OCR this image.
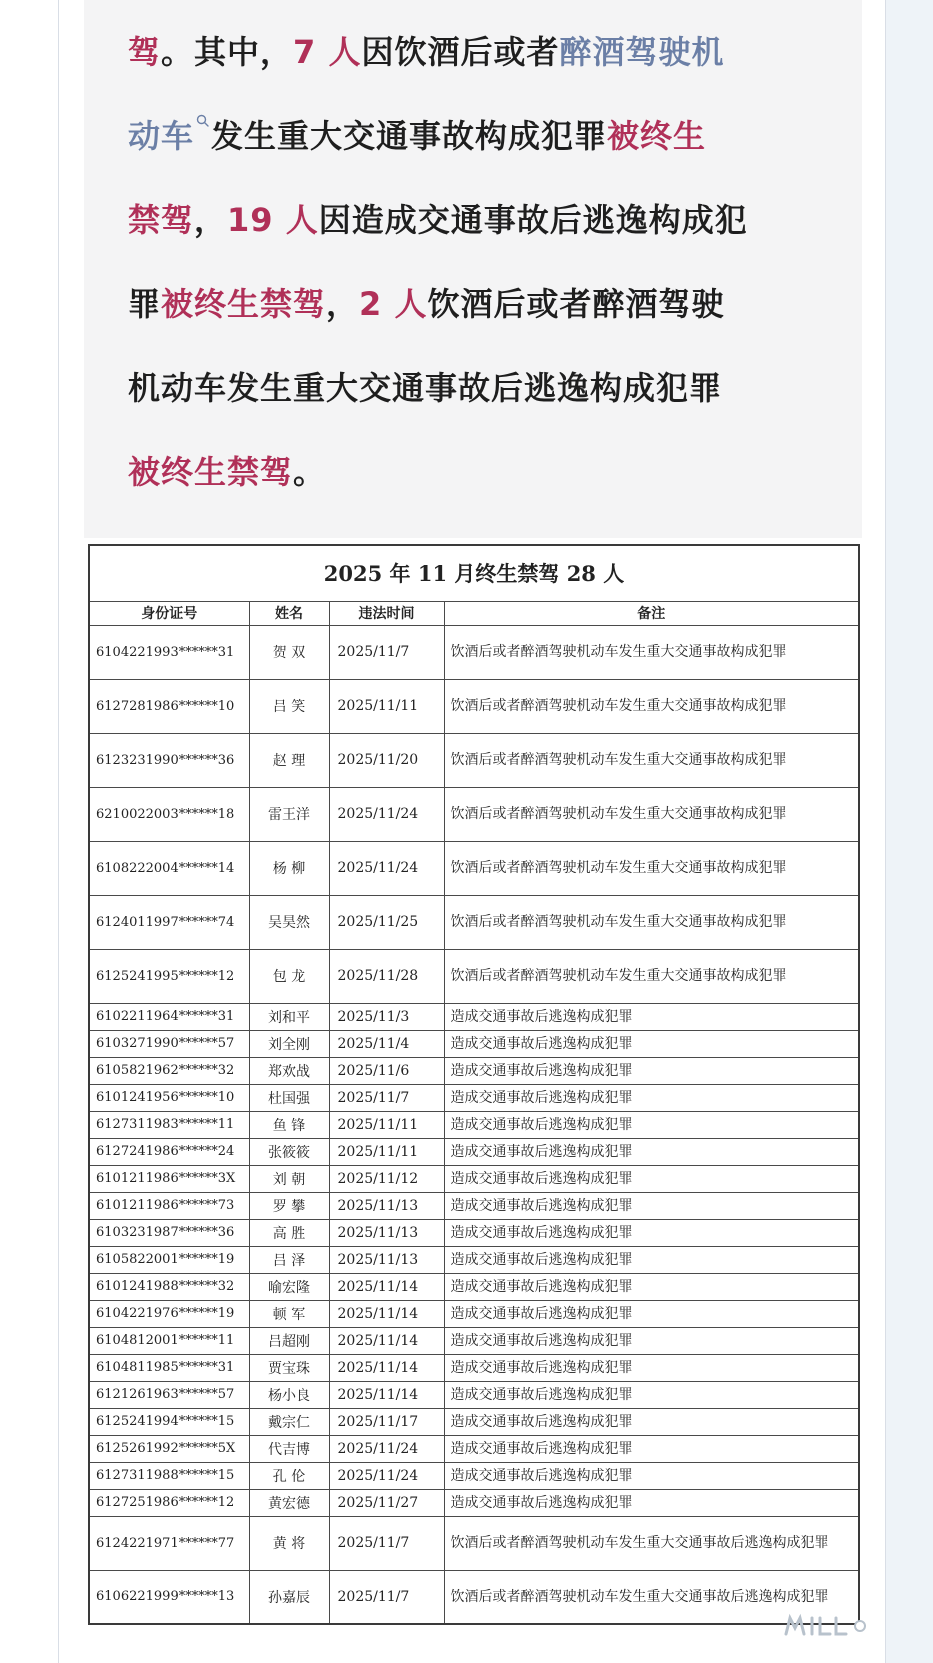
驾。其中，7 人因饮酒后或者醉酒驾驶机
动车 发生重大交通事故构成犯罪被终生
禁驾，19 人因造成交通事故后逃逸构成犯
罪被终生禁驾，2 人饮酒后或者醉酒驾驶
机动车发生重大交通事故后逃逸构成犯罪
被终生禁驾。
2025 年 11 月终生禁驾 28 人			
身份证号	姓名	违法时间	备注
6104221993******31	贺 双	2025/11/7	饮酒后或者醉酒驾驶机动车发生重大交通事故构成犯罪
6127281986******10	吕 笑	2025/11/11	饮酒后或者醉酒驾驶机动车发生重大交通事故构成犯罪
6123231990******36	赵 理	2025/11/20	饮酒后或者醉酒驾驶机动车发生重大交通事故构成犯罪
6210022003******18	雷王洋	2025/11/24	饮酒后或者醉酒驾驶机动车发生重大交通事故构成犯罪
6108222004******14	杨 柳	2025/11/24	饮酒后或者醉酒驾驶机动车发生重大交通事故构成犯罪
6124011997******74	吴昊然	2025/11/25	饮酒后或者醉酒驾驶机动车发生重大交通事故构成犯罪
6125241995******12	包 龙	2025/11/28	饮酒后或者醉酒驾驶机动车发生重大交通事故构成犯罪
6102211964******31	刘和平	2025/11/3	造成交通事故后逃逸构成犯罪
6103271990******57	刘全刚	2025/11/4	造成交通事故后逃逸构成犯罪
6105821962******32	郑欢战	2025/11/6	造成交通事故后逃逸构成犯罪
6101241956******10	杜国强	2025/11/7	造成交通事故后逃逸构成犯罪
6127311983******11	鱼 锋	2025/11/11	造成交通事故后逃逸构成犯罪
6127241986******24	张筱筱	2025/11/11	造成交通事故后逃逸构成犯罪
6101211986******3X	刘 朝	2025/11/12	造成交通事故后逃逸构成犯罪
6101211986******73	罗 攀	2025/11/13	造成交通事故后逃逸构成犯罪
6103231987******36	高 胜	2025/11/13	造成交通事故后逃逸构成犯罪
6105822001******19	吕 泽	2025/11/13	造成交通事故后逃逸构成犯罪
6101241988******32	喻宏隆	2025/11/14	造成交通事故后逃逸构成犯罪
6104221976******19	顿 军	2025/11/14	造成交通事故后逃逸构成犯罪
6104812001******11	吕超刚	2025/11/14	造成交通事故后逃逸构成犯罪
6104811985******31	贾宝珠	2025/11/14	造成交通事故后逃逸构成犯罪
6121261963******57	杨小良	2025/11/14	造成交通事故后逃逸构成犯罪
6125241994******15	戴宗仁	2025/11/17	造成交通事故后逃逸构成犯罪
6125261992******5X	代吉博	2025/11/24	造成交通事故后逃逸构成犯罪
6127311988******15	孔 伦	2025/11/24	造成交通事故后逃逸构成犯罪
6127251986******12	黄宏德	2025/11/27	造成交通事故后逃逸构成犯罪
6124221971******77	黄 将	2025/11/7	饮酒后或者醉酒驾驶机动车发生重大交通事故后逃逸构成犯罪
6106221999******13	孙嘉辰	2025/11/7	饮酒后或者醉酒驾驶机动车发生重大交通事故后逃逸构成犯罪
